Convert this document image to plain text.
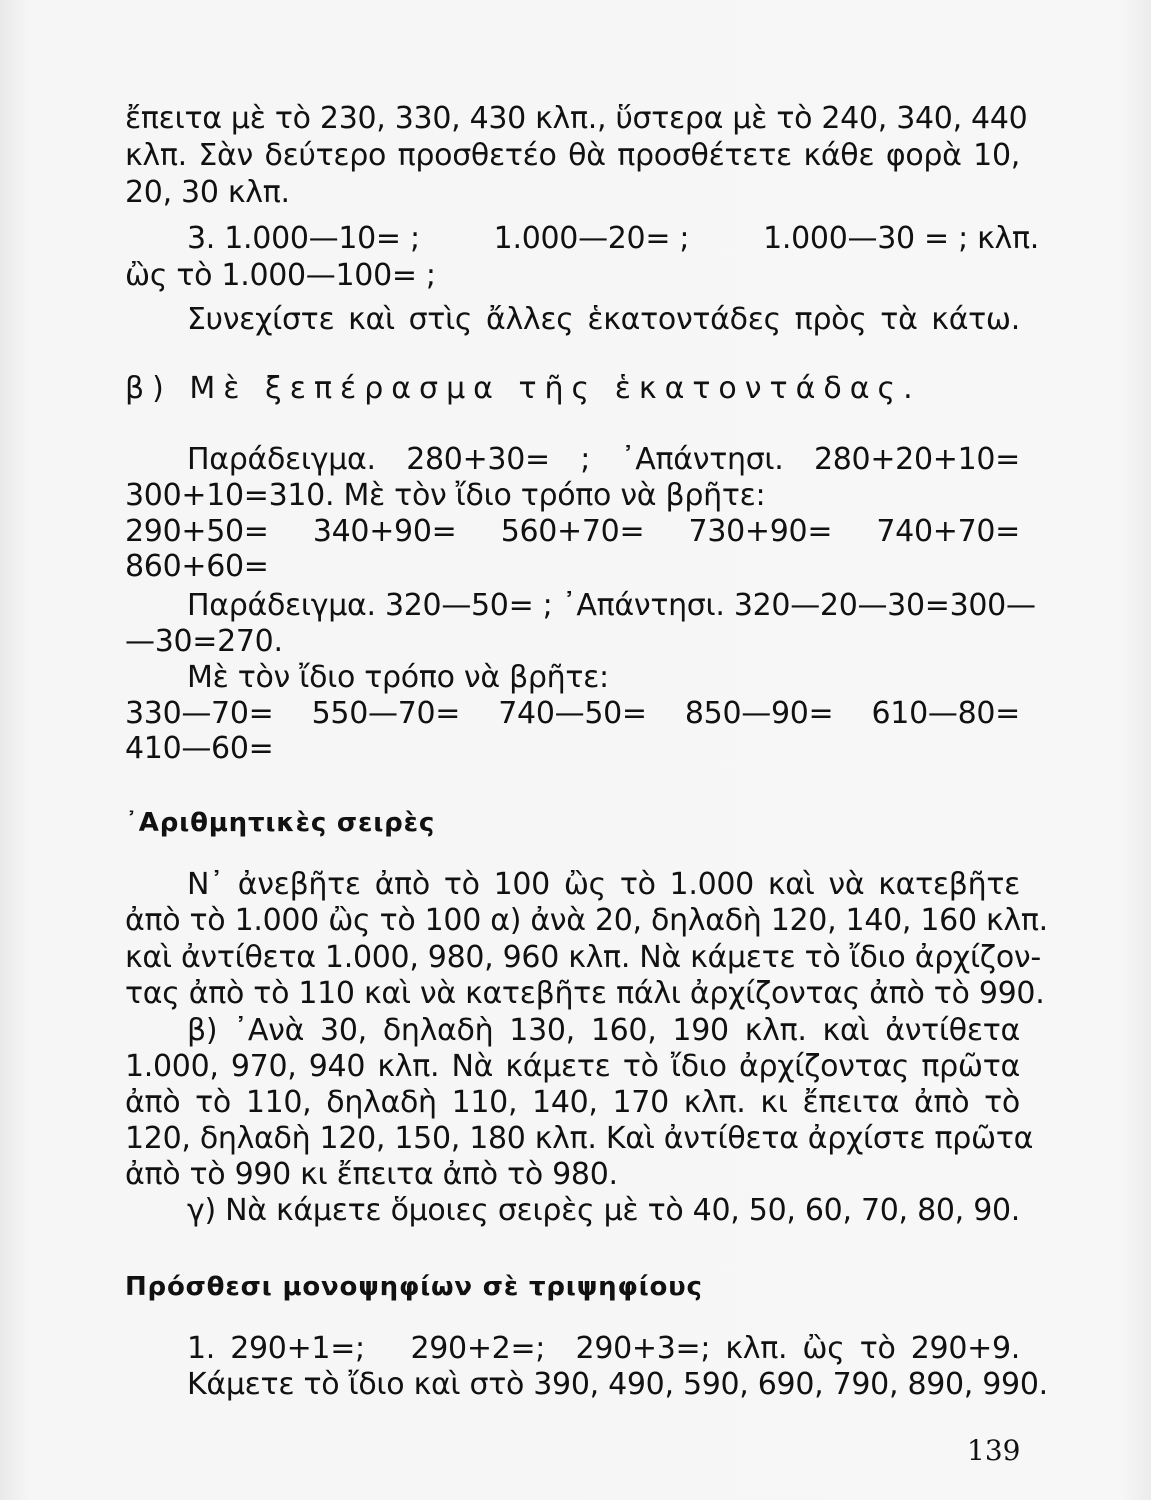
ἔπειτα μὲ τὸ 230, 330, 430 κλπ., ὕστερα μὲ τὸ 240, 340, 440
κλπ. Σὰν δεύτερο προσθετέο θὰ προσθέτετε κάθε φορὰ 10,
20, 30 κλπ.
3. 1.000—10= ;        1.000—20= ;        1.000—30 = ; κλπ.
ὢς τὸ 1.000—100= ;
Συνεχίστε καὶ στὶς ἄλλες ἑκατοντάδες πρὸς τὰ κάτω.
β) Μὲ ξεπέρασμα τῆς ἑκατοντάδας.
Παράδειγμα. 280+30= ; ᾿Απάντησι. 280+20+10=
300+10=310. Μὲ τὸν ἴδιο τρόπο νὰ βρῆτε:
290+50=   340+90=   560+70=   730+90=   740+70=
860+60=
Παράδειγμα. 320—50= ; ᾿Απάντησι. 320—20—30=300—
—30=270.
Μὲ τὸν ἴδιο τρόπο νὰ βρῆτε:
330—70=   550—70=   740—50=   850—90=   610—80=
410—60=
᾿Αριθμητικὲς σειρὲς
Ν᾿ ἀνεβῆτε ἀπὸ τὸ 100 ὢς τὸ 1.000 καὶ νὰ κατεβῆτε
ἀπὸ τὸ 1.000 ὢς τὸ 100 α) ἀνὰ 20, δηλαδὴ 120, 140, 160 κλπ.
καὶ ἀντίθετα 1.000, 980, 960 κλπ. Νὰ κάμετε τὸ ἴδιο ἀρχίζον-
τας ἀπὸ τὸ 110 καὶ νὰ κατεβῆτε πάλι ἀρχίζοντας ἀπὸ τὸ 990.
β) ᾿Ανὰ 30, δηλαδὴ 130, 160, 190 κλπ. καὶ ἀντίθετα
1.000, 970, 940 κλπ. Νὰ κάμετε τὸ ἴδιο ἀρχίζοντας πρῶτα
ἀπὸ τὸ 110, δηλαδὴ 110, 140, 170 κλπ. κι ἔπειτα ἀπὸ τὸ
120, δηλαδὴ 120, 150, 180 κλπ. Καὶ ἀντίθετα ἀρχίστε πρῶτα
ἀπὸ τὸ 990 κι ἔπειτα ἀπὸ τὸ 980.
γ) Νὰ κάμετε ὅμοιες σειρὲς μὲ τὸ 40, 50, 60, 70, 80, 90.
Πρόσθεσι μονοψηφίων σὲ τριψηφίους
1. 290+1=;   290+2=;  290+3=; κλπ. ὢς τὸ 290+9.
Κάμετε τὸ ἴδιο καὶ στὸ 390, 490, 590, 690, 790, 890, 990.
139
